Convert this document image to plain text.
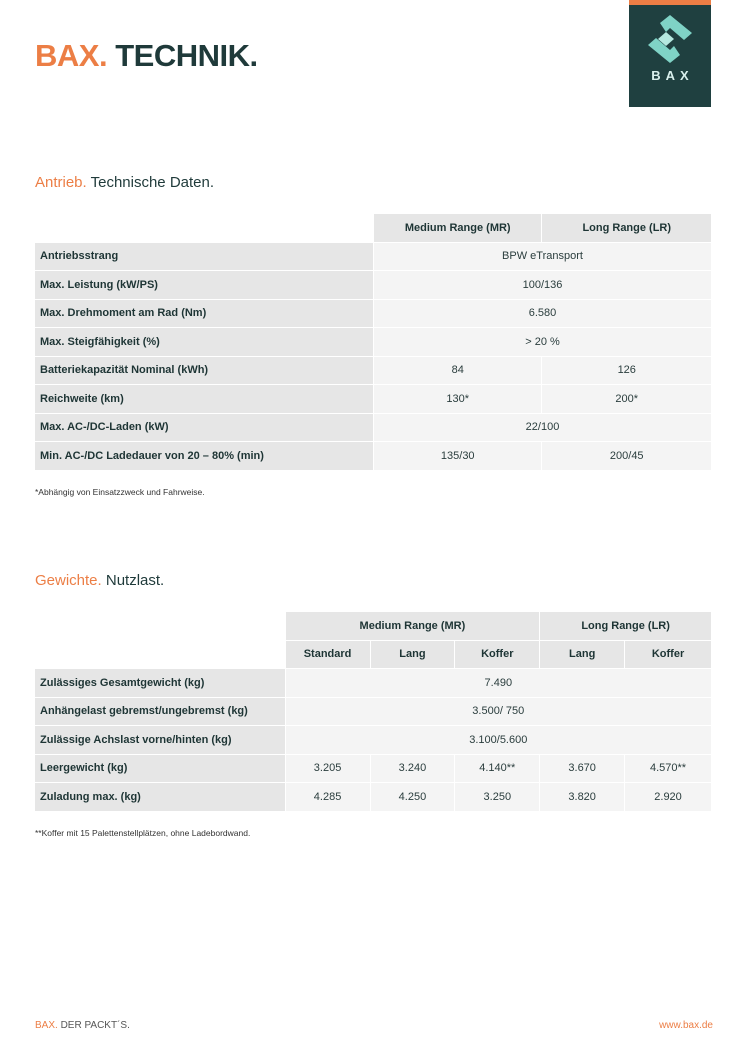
BAX. TECHNIK.
BAX
Antrieb. Technische Daten.
	Medium Range (MR)	Long Range (LR)
Antriebsstrang	BPW eTransport	
Max. Leistung (kW/PS)	100/136	
Max. Drehmoment am Rad (Nm)	6.580	
Max. Steigfähigkeit (%)	> 20 %	
Batteriekapazität Nominal (kWh)	84	126
Reichweite (km)	130*	200*
Max. AC-/DC-Laden (kW)	22/100	
Min. AC-/DC Ladedauer von 20 – 80% (min)	135/30	200/45
*Abhängig von Einsatzzweck und Fahrweise.
Gewichte. Nutzlast.
	Medium Range (MR)			Long Range (LR)	
	Standard	Lang	Koffer	Lang	Koffer
Zulässiges Gesamtgewicht (kg)	7.490				
Anhängelast gebremst/ungebremst (kg)	3.500/ 750				
Zulässige Achslast vorne/hinten (kg)	3.100/5.600				
Leergewicht (kg)	3.205	3.240	4.140**	3.670	4.570**
Zuladung max. (kg)	4.285	4.250	3.250	3.820	2.920
**Koffer mit 15 Palettenstellplätzen, ohne Ladebordwand.
BAX. DER PACKT´S.	www.bax.de
